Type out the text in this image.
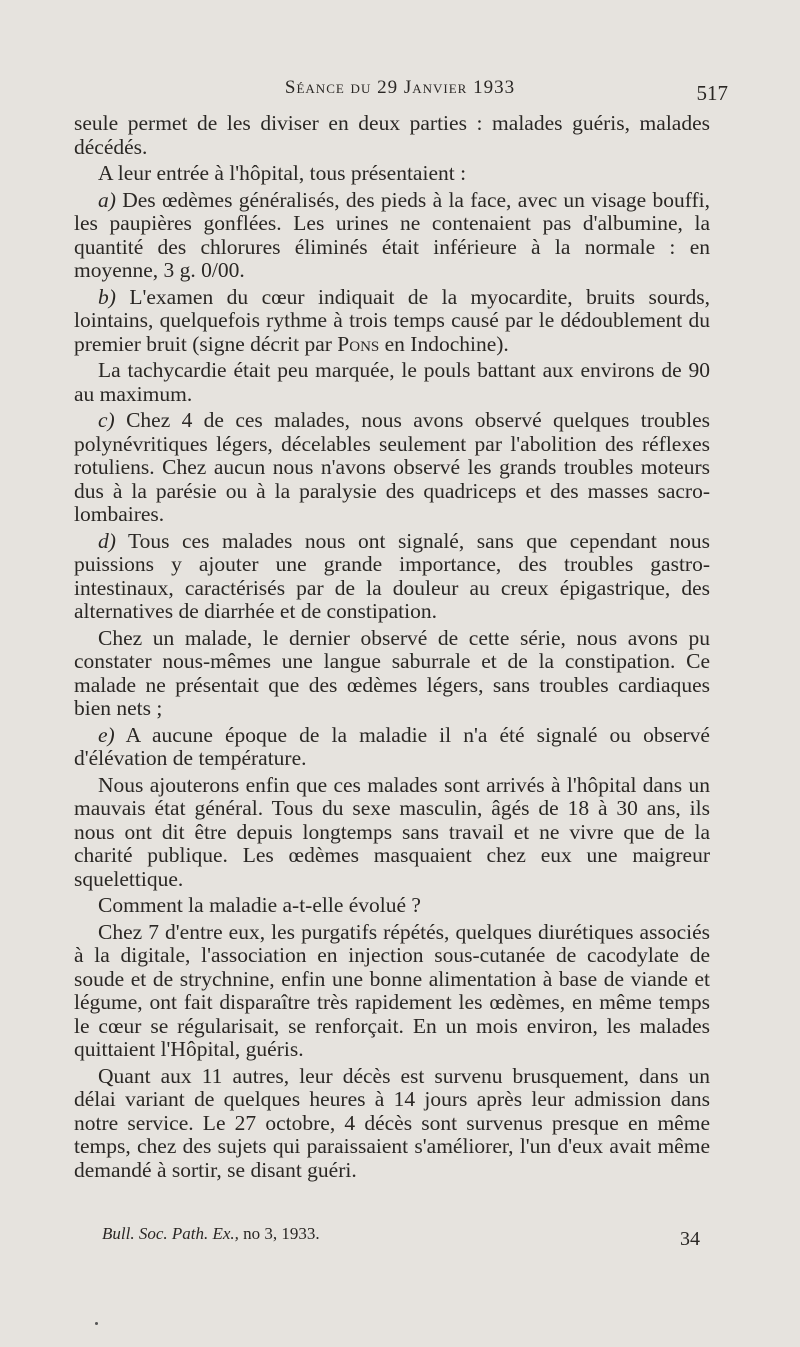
Séance du 29 Janvier 1933	517

seule permet de les diviser en deux parties : malades guéris, malades décédés.

A leur entrée à l'hôpital, tous présentaient :

a) Des œdèmes généralisés, des pieds à la face, avec un visage bouffi, les paupières gonflées. Les urines ne contenaient pas d'albumine, la quantité des chlorures éliminés était inférieure à la normale : en moyenne, 3 g. 0/00.

b) L'examen du cœur indiquait de la myocardite, bruits sourds, lointains, quelquefois rythme à trois temps causé par le dédoublement du premier bruit (signe décrit par Pons en Indochine).

La tachycardie était peu marquée, le pouls battant aux environs de 90 au maximum.

c) Chez 4 de ces malades, nous avons observé quelques troubles polynévritiques légers, décelables seulement par l'abolition des réflexes rotuliens. Chez aucun nous n'avons observé les grands troubles moteurs dus à la parésie ou à la paralysie des quadriceps et des masses sacro-lombaires.

d) Tous ces malades nous ont signalé, sans que cependant nous puissions y ajouter une grande importance, des troubles gastro-intestinaux, caractérisés par de la douleur au creux épigastrique, des alternatives de diarrhée et de constipation.

Chez un malade, le dernier observé de cette série, nous avons pu constater nous-mêmes une langue saburrale et de la constipation. Ce malade ne présentait que des œdèmes légers, sans troubles cardiaques bien nets ;

e) A aucune époque de la maladie il n'a été signalé ou observé d'élévation de température.

Nous ajouterons enfin que ces malades sont arrivés à l'hôpital dans un mauvais état général. Tous du sexe masculin, âgés de 18 à 30 ans, ils nous ont dit être depuis longtemps sans travail et ne vivre que de la charité publique. Les œdèmes masquaient chez eux une maigreur squelettique.

Comment la maladie a-t-elle évolué ?

Chez 7 d'entre eux, les purgatifs répétés, quelques diurétiques associés à la digitale, l'association en injection sous-cutanée de cacodylate de soude et de strychnine, enfin une bonne alimentation à base de viande et légume, ont fait disparaître très rapidement les œdèmes, en même temps le cœur se régularisait, se renforçait. En un mois environ, les malades quittaient l'Hôpital, guéris.

Quant aux 11 autres, leur décès est survenu brusquement, dans un délai variant de quelques heures à 14 jours après leur admission dans notre service. Le 27 octobre, 4 décès sont survenus presque en même temps, chez des sujets qui paraissaient s'améliorer, l'un d'eux avait même demandé à sortir, se disant guéri.

Bull. Soc. Path. Ex., no 3, 1933.	34
